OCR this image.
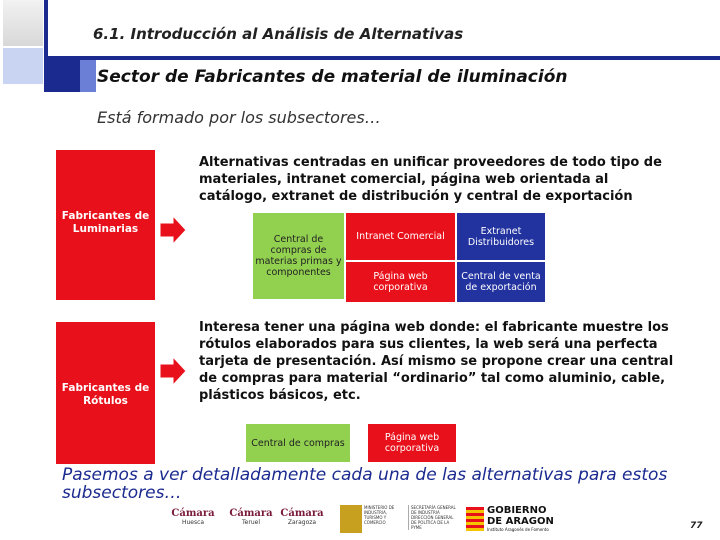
6.1. Introducción al Análisis de Alternativas
Sector de Fabricantes de material de iluminación
Está formado por los subsectores…
Fabricantes de
Luminarias
Alternativas centradas en unificar proveedores de todo tipo de materiales, intranet comercial, página web orientada al catálogo, extranet de distribución y central de exportación
Central de compras de materias primas y componentes
Intranet Comercial	Extranet Distribuidores
Página web corporativa
Central de venta de exportación
Fabricantes de
Rótulos
Interesa tener una página web donde: el fabricante muestre los rótulos elaborados para sus clientes, la web será una perfecta tarjeta de presentación. Así mismo se propone crear una central de compras para material “ordinario” tal como aluminio, cable, plásticos básicos, etc.
Central de compras	Página web corporativa
Pasemos a ver detalladamente cada una de las alternativas para estos subsectores…
Cámara
Huesca
Cámara
Teruel
Cámara
Zaragoza
MINISTERIO DE INDUSTRIA, TURISMO Y COMERCIO
SECRETARÍA GENERAL DE INDUSTRIA
DIRECCIÓN GENERAL DE POLÍTICA DE LA PYME
GOBIERNO
DE ARAGON
Instituto Aragonés de Fomento	77
